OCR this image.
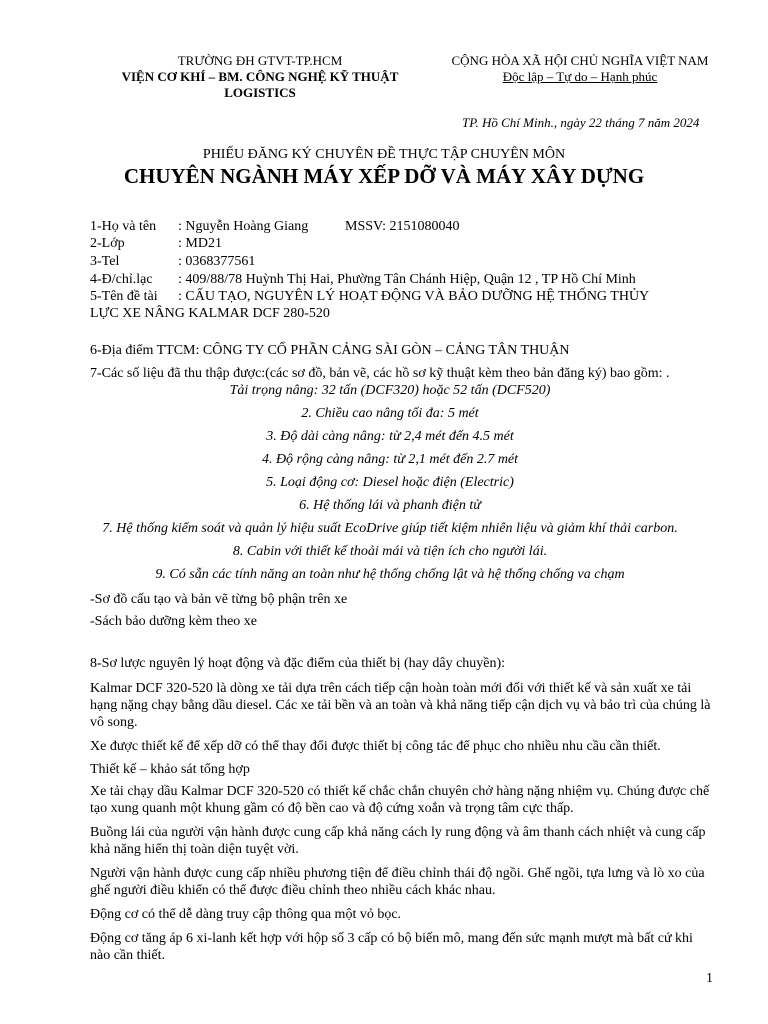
TRƯỜNG ĐH GTVT-TP.HCM
VIỆN CƠ KHÍ – BM. CÔNG NGHỆ KỸ THUẬT
LOGISTICS
CỘNG HÒA XÃ HỘI CHỦ NGHĨA VIỆT NAM
Độc lập – Tự do – Hạnh phúc
TP. Hồ Chí Minh., ngày 22 tháng 7 năm 2024
PHIẾU ĐĂNG KÝ CHUYÊN ĐỀ THỰC TẬP CHUYÊN MÔN
CHUYÊN NGÀNH MÁY XẾP DỠ VÀ MÁY XÂY DỰNG
1-Họ và tên : Nguyễn Hoàng Giang	MSSV: 2151080040
2-Lớp	: MD21
3-Tel	: 0368377561
4-Đ/chỉ.lạc : 409/88/78 Huỳnh Thị Hai, Phường Tân Chánh Hiệp, Quận 12 , TP Hồ Chí Minh
5-Tên đề tài : CẤU TẠO, NGUYÊN LÝ HOẠT ĐỘNG VÀ BẢO DƯỠNG HỆ THỐNG THỦY
LỰC XE NÂNG KALMAR DCF 280-520
6-Địa điểm TTCM: CÔNG TY CỔ PHẦN CẢNG SÀI GÒN – CẢNG TÂN THUẬN
7-Các số liệu đã thu thập được:(các sơ đồ, bản vẽ, các hồ sơ kỹ thuật kèm theo bản đăng ký) bao gồm: .
Tải trọng nâng: 32 tấn (DCF320) hoặc 52 tấn (DCF520)
2. Chiều cao nâng tối đa: 5 mét
3. Độ dài càng nâng: từ 2,4 mét đến 4.5 mét
4. Độ rộng càng nâng: từ 2,1 mét đến 2.7 mét
5. Loại động cơ: Diesel hoặc điện (Electric)
6. Hệ thống lái và phanh điện tử
7. Hệ thống kiểm soát và quản lý hiệu suất EcoDrive giúp tiết kiệm nhiên liệu và giảm khí thải carbon.
8. Cabin với thiết kế thoải mái và tiện ích cho người lái.
9. Có sẵn các tính năng an toàn như hệ thống chống lật và hệ thống chống va chạm
-Sơ đồ cấu tạo và bản vẽ từng bộ phận trên xe
-Sách bảo dưỡng kèm theo xe
8-Sơ lược nguyên lý hoạt động và đặc điểm của thiết bị (hay dây chuyền):
Kalmar DCF 320-520 là dòng xe tải dựa trên cách tiếp cận hoàn toàn mới đối với thiết kế và sản xuất xe tải hạng nặng chạy bằng dầu diesel. Các xe tải bền và an toàn và khả năng tiếp cận dịch vụ và bảo trì của chúng là vô song.
Xe được thiết kế để xếp dỡ có thể thay đổi được thiết bị công tác để phục cho nhiều nhu cầu cần thiết.
Thiết kế – khảo sát tổng hợp
Xe tải chạy dầu Kalmar DCF 320-520 có thiết kế chắc chắn chuyên chở hàng nặng nhiệm vụ. Chúng được chế tạo xung quanh một khung gầm có độ bền cao và độ cứng xoắn và trọng tâm cực thấp.
Buồng lái của người vận hành được cung cấp khả năng cách ly rung động và âm thanh cách nhiệt và cung cấp khả năng hiển thị toàn diện tuyệt vời.
Người vận hành được cung cấp nhiều phương tiện để điều chỉnh thái độ ngồi. Ghế ngồi, tựa lưng và lò xo của ghế người điều khiển có thể được điều chỉnh theo nhiều cách khác nhau.
Động cơ có thể dễ dàng truy cập thông qua một vỏ bọc.
Động cơ tăng áp 6 xi-lanh kết hợp với hộp số 3 cấp có bộ biến mô, mang đến sức mạnh mượt mà bất cứ khi nào cần thiết.
1
